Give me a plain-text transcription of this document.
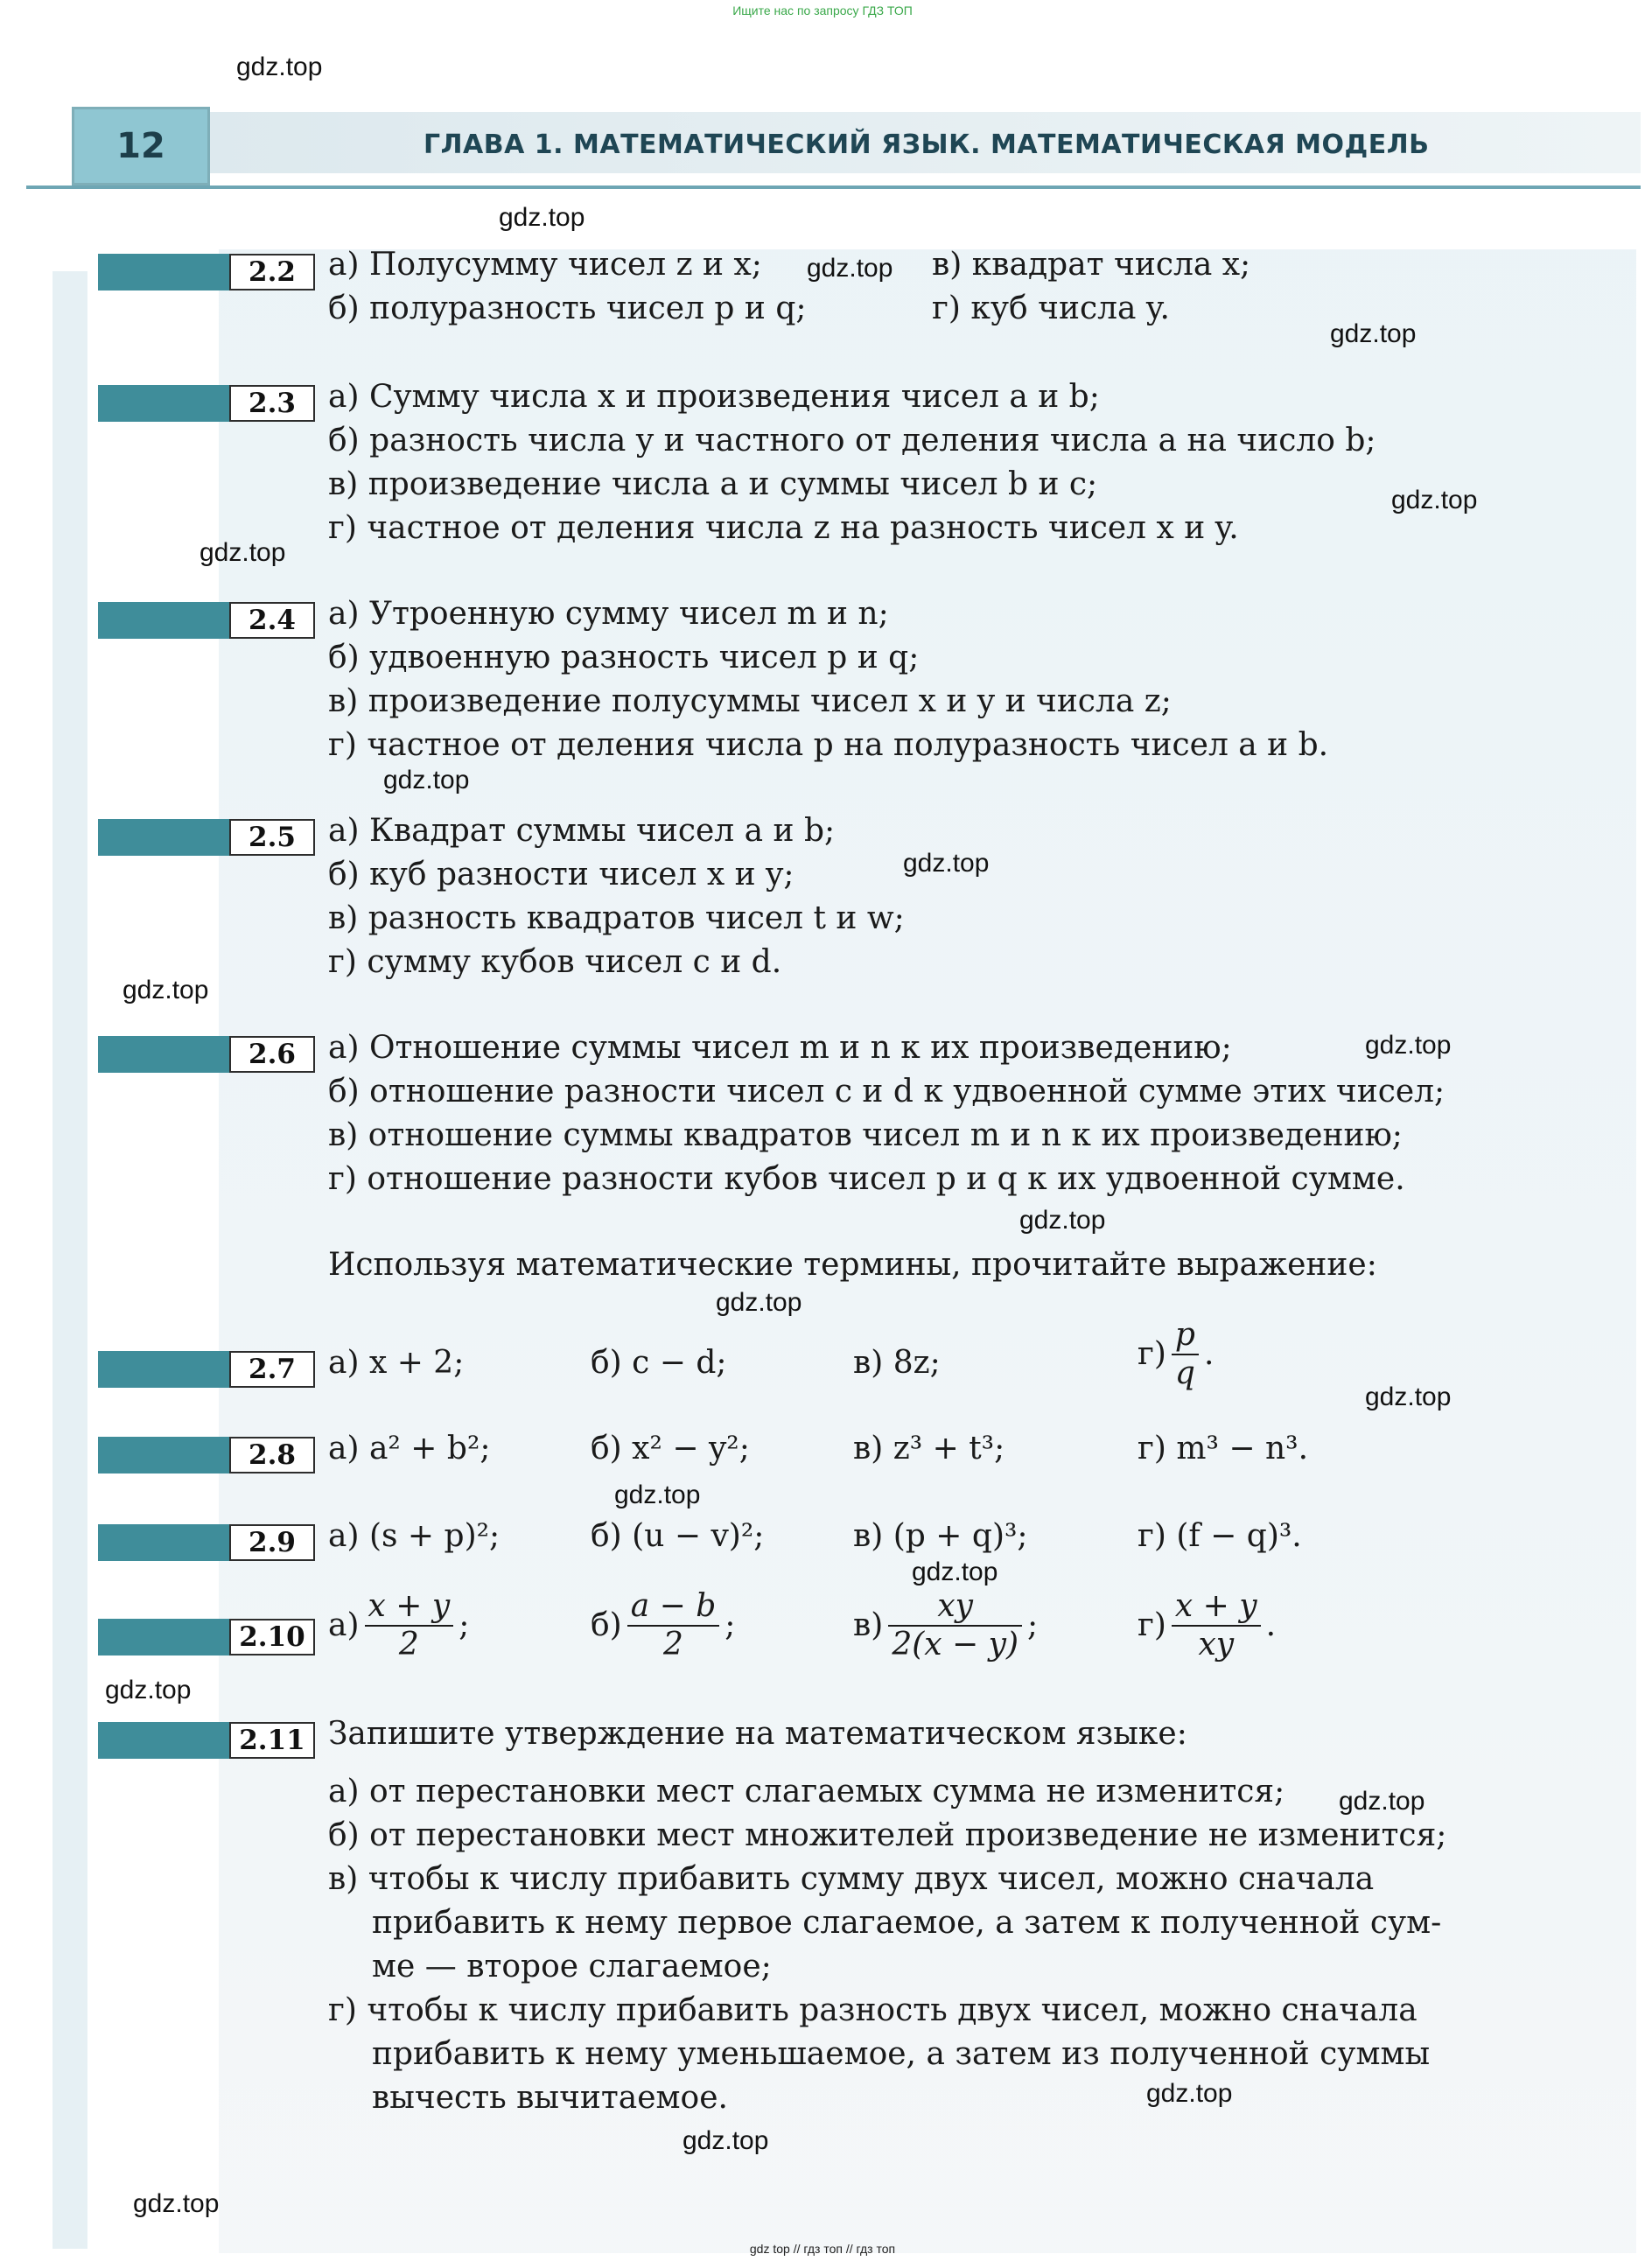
Ищите нас по запросу ГДЗ ТОП
12	ГЛАВА 1. МАТЕМАТИЧЕСКИЙ ЯЗЫК. МАТЕМАТИЧЕСКАЯ МОДЕЛЬ
2.2	а) Полусумму чисел z и x;	в) квадрат числа x;
б) полуразность чисел p и q;	г) куб числа y.
2.3	а) Сумму числа x и произведения чисел a и b;
б) разность числа y и частного от деления числа a на число b;
в) произведение числа a и суммы чисел b и c;
г) частное от деления числа z на разность чисел x и y.
2.4	а) Утроенную сумму чисел m и n;
б) удвоенную разность чисел p и q;
в) произведение полусуммы чисел x и y и числа z;
г) частное от деления числа p на полуразность чисел a и b.
2.5	а) Квадрат суммы чисел a и b;
б) куб разности чисел x и y;
в) разность квадратов чисел t и w;
г) сумму кубов чисел c и d.
2.6	а) Отношение суммы чисел m и n к их произведению;
б) отношение разности чисел c и d к удвоенной сумме этих чисел;
в) отношение суммы квадратов чисел m и n к их произведению;
г) отношение разности кубов чисел p и q к их удвоенной сумме.
Используя математические термины, прочитайте выражение:
2.7	а) x + 2;	б) c − d;	в) 8z;	$г) \frac{p}{q}$ .
2.8	а) a² + b²;	б) x² − y²;	в) z³ + t³;	г) m³ − n³.
2.9	а) (s + p)²;	б) (u − v)²;	в) (p + q)³;	г) (f − q)³.
2.10 $а) \frac{x + y}{2}$ ;	$б) \frac{a - b}{2}$ ;	$в) \frac{xy}{2(x - y)}$ ;	$г) \frac{x + y}{xy}$ .
2.11 Запишите утверждение на математическом языке:
а) от перестановки мест слагаемых сумма не изменится;
б) от перестановки мест множителей произведение не изменится;
в) чтобы к числу прибавить сумму двух чисел, можно сначала
прибавить к нему первое слагаемое, а затем к полученной сум-
ме — второе слагаемое;
г) чтобы к числу прибавить разность двух чисел, можно сначала
прибавить к нему уменьшаемое, а затем из полученной суммы
вычесть вычитаемое.
gdz.top
gdz.top
gdz.top
gdz.top
gdz.top
gdz.top
gdz.top
gdz.top
gdz.top
gdz.top
gdz.top
gdz.top
gdz.top
gdz.top
gdz.top
gdz.top
gdz.top
gdz.top
gdz.top
gdz.top
gdz top // гдз топ // гдз топ
